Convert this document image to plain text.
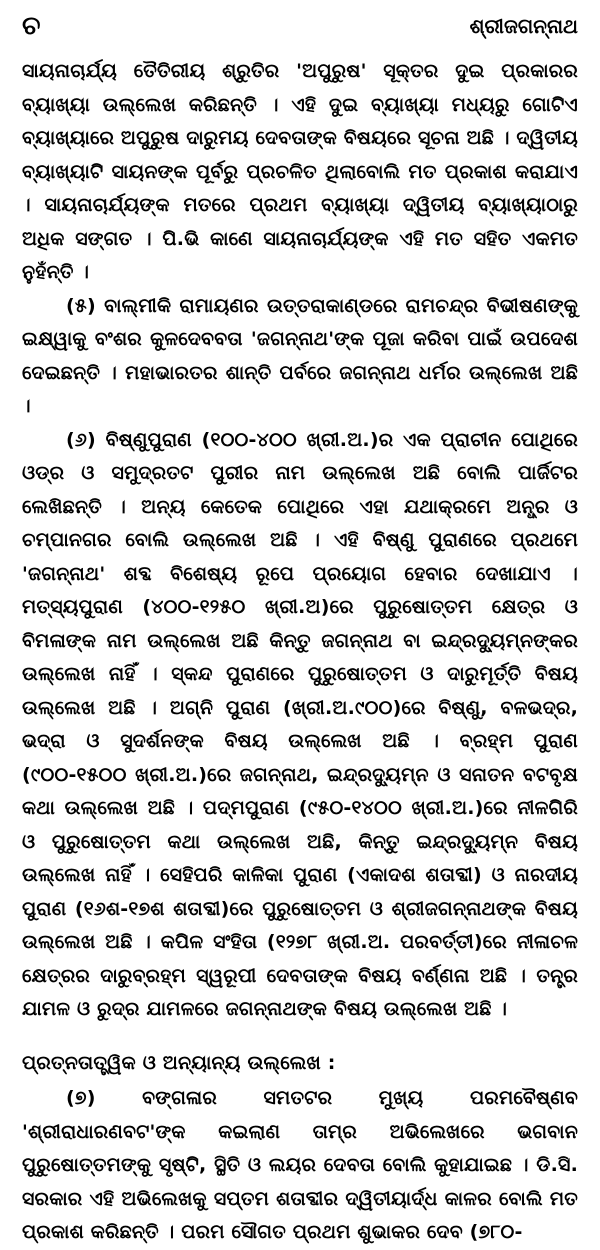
ଚ	ଶ୍ରୀଜଗନ୍ନାଥ

ସାୟନାଚାର୍ଯ୍ୟ ତୈତିରୀୟ ଶ୍ରୁତିର 'ଅପୁରୁଷ' ସୂକ୍ତର ଦୁଇ ପ୍ରକାରର ବ୍ୟାଖ୍ୟା ଉଲ୍ଲେଖ କରିଛନ୍ତି । ଏହି ଦୁଇ ବ୍ୟାଖ୍ୟା ମଧ୍ୟରୁ ଗୋଟିଏ ବ୍ୟାଖ୍ୟାରେ ଅପୁରୁଷ ଦାରୁମୟ ଦେବତାଙ୍କ ବିଷୟରେ ସୂଚନା ଅଛି । ଦ୍ୱିତୀୟ ବ୍ୟାଖ୍ୟାଟି ସାୟନଙ୍କ ପୂର୍ବରୁ ପ୍ରଚଳିତ ଥିଲାବୋଲି ମତ ପ୍ରକାଶ କରାଯାଏ । ସାୟନାଚାର୍ଯ୍ୟଙ୍କ ମତରେ ପ୍ରଥମ ବ୍ୟାଖ୍ୟା ଦ୍ୱିତୀୟ ବ୍ୟାଖ୍ୟାଠାରୁ ଅଧିକ ସଙ୍ଗତ । ପି.ଭି କାଣେ ସାୟନାଚାର୍ଯ୍ୟଙ୍କ ଏହି ମତ ସହିତ ଏକମତ ନୁହଁନ୍ତି ।

(୫) ବାଲ୍ମୀକି ରାମାୟଣର ଉତ୍ତରାକାଣ୍ଡରେ ରାମଚନ୍ଦ୍ର ବିଭୀଷଣଙ୍କୁ ଇକ୍ଷ୍ୱାକୁ ବଂଶର କୁଳଦେବବତା 'ଜଗନ୍ନାଥ'ଙ୍କ ପୂଜା କରିବା ପାଇଁ ଉପଦେଶ ଦେଇଛନ୍ତି । ମହାଭାରତର ଶାନ୍ତି ପର୍ବରେ ଜଗନ୍ନାଥ ଧର୍ମର ଉଲ୍ଲେଖ ଅଛି ।

(୬) ବିଷ୍ଣୁପୁରାଣ (୧୦୦-୪୦୦ ଖ୍ରୀ.ଅ.)ର ଏକ ପ୍ରାଚୀନ ପୋଥିରେ ଓଡ୍ର ଓ ସମୁଦ୍ରତଟ ପୁରୀର ନାମ ଉଲ୍ଲେଖ ଅଛି ବୋଲି ପାର୍ଜିଟର ଲେଖିଛନ୍ତି । ଅନ୍ୟ କେତେକ ପୋଥିରେ ଏହା ଯଥାକ୍ରମେ ଅନ୍ଧ୍ର ଓ ଚମ୍ପାନଗର ବୋଲି ଉଲ୍ଲେଖ ଅଛି । ଏହି ବିଷ୍ଣୁ ପୁରାଣରେ ପ୍ରଥମେ 'ଜଗନ୍ନାଥ' ଶବ୍ଦ ବିଶେଷ୍ୟ ରୂପେ ପ୍ରୟୋଗ ହେବାର ଦେଖାଯାଏ । ମତ୍ସ୍ୟପୁରାଣ (୪୦୦-୧୨୫୦ ଖ୍ରୀ.ଅ)ରେ ପୁରୁଷୋତ୍ତମ କ୍ଷେତ୍ର ଓ ବିମଳାଙ୍କ ନାମ ଉଲ୍ଲେଖ ଅଛି କିନ୍ତୁ ଜଗନ୍ନାଥ ବା ଇନ୍ଦ୍ରଦ୍ୟୁମ୍ନଙ୍କର ଉଲ୍ଲେଖ ନାହିଁ । ସ୍କନ୍ଦ ପୁରାଣରେ ପୁରୁଷୋତ୍ତମ ଓ ଦାରୁମୂର୍ତ୍ତି ବିଷୟ ଉଲ୍ଲେଖ ଅଛି । ଅଗ୍ନି ପୁରାଣ (ଖ୍ରୀ.ଅ.୯୦୦)ରେ ବିଷ୍ଣୁ, ବଳଭଦ୍ର, ଭଦ୍ରା ଓ ସୁଦର୍ଶନଙ୍କ ବିଷୟ ଉଲ୍ଲେଖ ଅଛି । ବ୍ରହ୍ମ ପୁରାଣ (୯୦୦-୧୫୦୦ ଖ୍ରୀ.ଅ.)ରେ ଜଗନ୍ନାଥ, ଇନ୍ଦ୍ରଦ୍ୟୁମ୍ନ ଓ ସନାତନ ବଟବୃକ୍ଷ କଥା ଉଲ୍ଲେଖ ଅଛି । ପଦ୍ମପୁରାଣ (୯୫୦-୧୪୦୦ ଖ୍ରୀ.ଅ.)ରେ ନୀଳଗିରି ଓ ପୁରୁଷୋତ୍ତମ କଥା ଉଲ୍ଲେଖ ଅଛି, କିନ୍ତୁ ଇନ୍ଦ୍ରଦ୍ୟୁମ୍ନ ବିଷୟ ଉଲ୍ଲେଖ ନାହିଁ । ସେହିପରି କାଳିକା ପୁରାଣ (ଏକାଦଶ ଶତାବ୍ଦୀ) ଓ ନାରଦୀୟ ପୁରାଣ (୧୬ଶ-୧୭ଶ ଶତାବ୍ଦୀ)ରେ ପୁରୁଷୋତ୍ତମ ଓ ଶ୍ରୀଜଗନ୍ନାଥଙ୍କ ବିଷୟ ଉଲ୍ଲେଖ ଅଛି । କପିଳ ସଂହିତା (୧୨୭୮ ଖ୍ରୀ.ଅ. ପରବର୍ତ୍ତୀ)ରେ ନୀଳାଚଳ କ୍ଷେତ୍ରର ଦାରୁବ୍ରହ୍ମ ସ୍ୱରୂପୀ ଦେବତାଙ୍କ ବିଷୟ ବର୍ଣ୍ଣନା ଅଛି । ତନ୍ତ୍ର ଯାମଳ ଓ ରୁଦ୍ର ଯାମଳରେ ଜଗନ୍ନାଥଙ୍କ ବିଷୟ ଉଲ୍ଲେଖ ଅଛି ।

ପ୍ରତ୍ନତାତ୍ତ୍ୱିକ ଓ ଅନ୍ୟାନ୍ୟ ଉଲ୍ଲେଖ :

(୭) ବଙ୍ଗଳାର ସମତଟର ମୁଖ୍ୟ ପରମବୈଷ୍ଣବ 'ଶ୍ରୀରାଧାରଣବଟ'ଙ୍କ କଇଲାଣ ତାମ୍ର ଅଭିଲେଖରେ ଭଗବାନ ପୁରୁଷୋତ୍ତମଙ୍କୁ ସୃଷ୍ଟି, ସ୍ଥିତି ଓ ଲୟର ଦେବତା ବୋଲି କୁହାଯାଇଛ । ଡି.ସି. ସରକାର ଏହି ଅଭିଲେଖକୁ ସପ୍ତମ ଶତାବ୍ଦୀର ଦ୍ୱିତୀୟାର୍ଦ୍ଧ କାଳର ବୋଲି ମତ ପ୍ରକାଶ କରିଛନ୍ତି । ପରମ ସୌଗତ ପ୍ରଥମ ଶୁଭାକର ଦେବ (୭୮୦-
